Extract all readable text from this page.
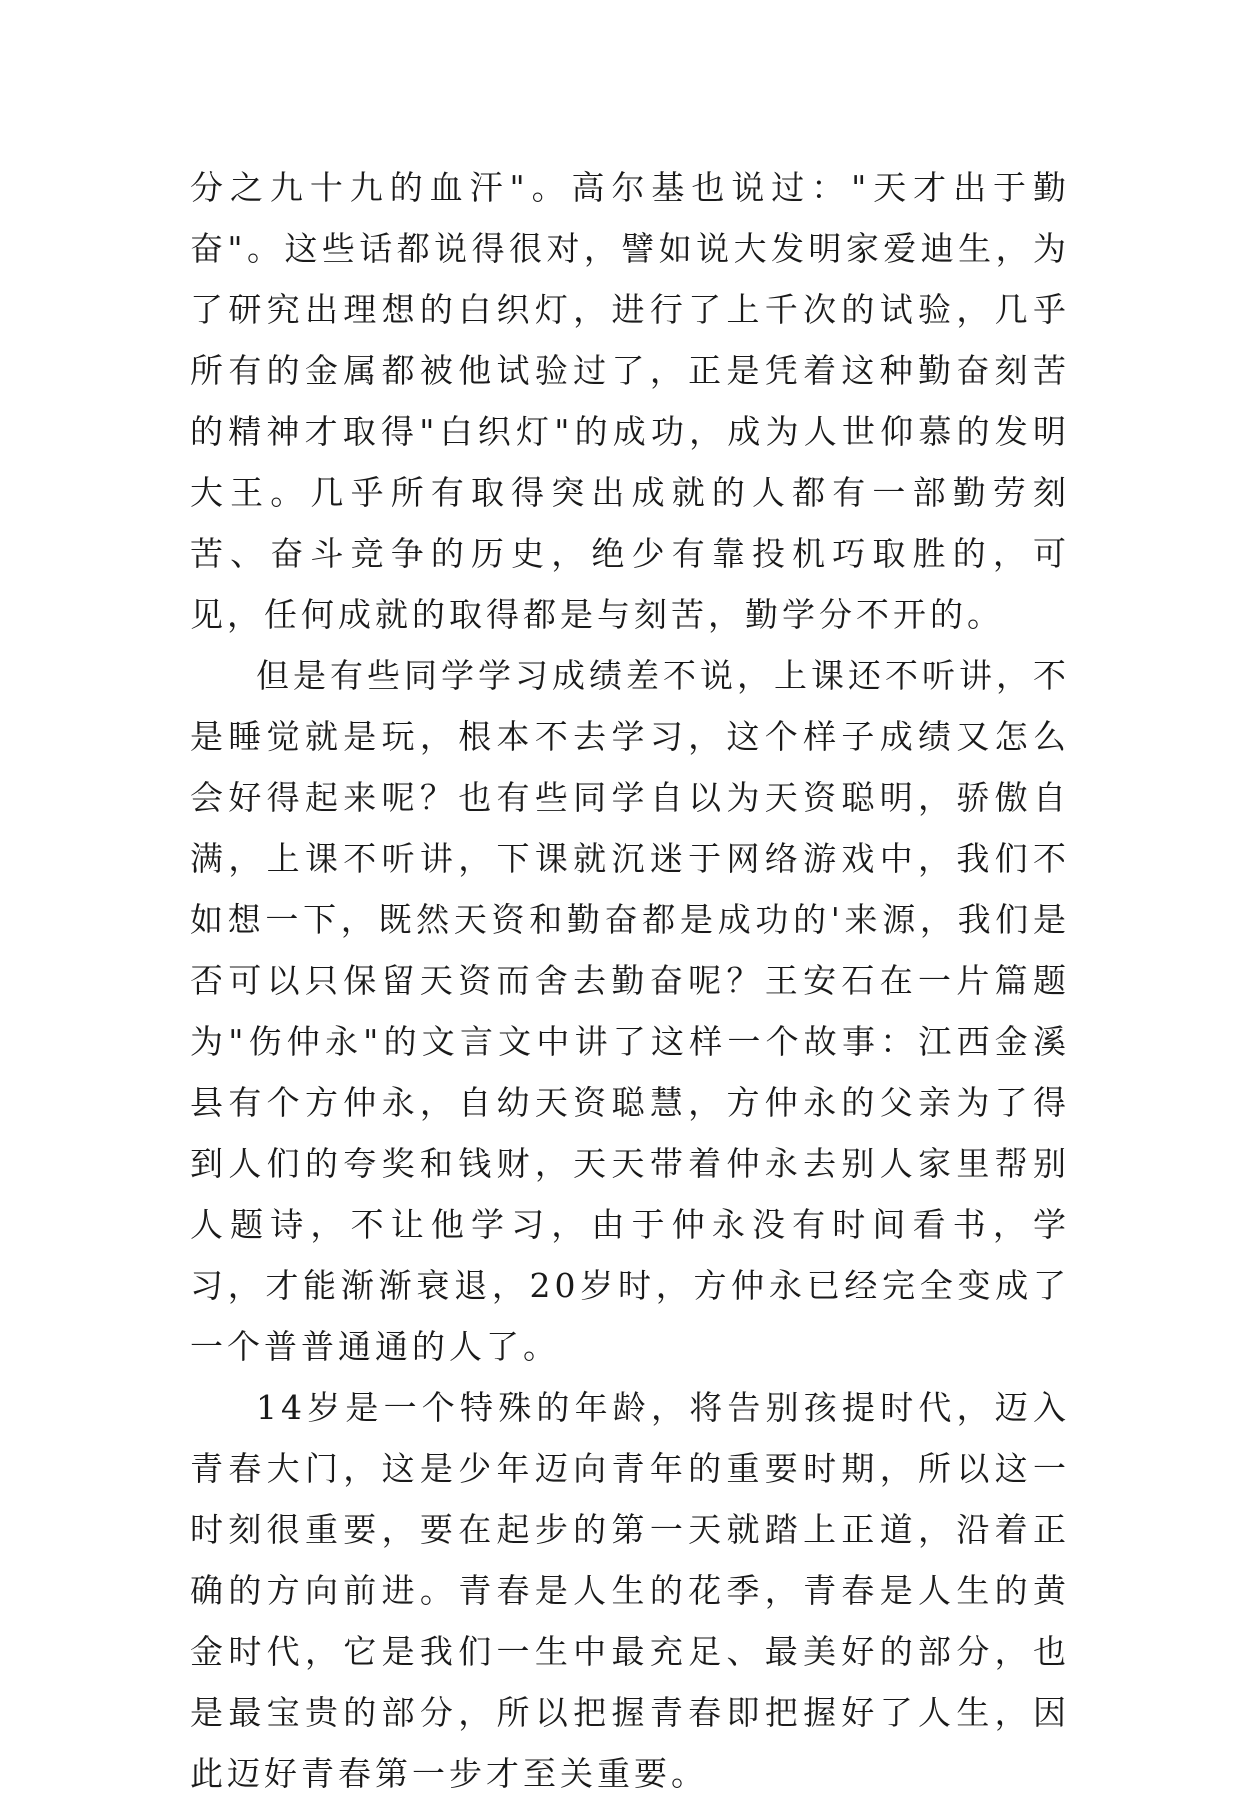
分之九十九的血汗"。高尔基也说过："天才出于勤奋"。这些话都说得很对，譬如说大发明家爱迪生，为了研究出理想的白织灯，进行了上千次的试验，几乎所有的金属都被他试验过了，正是凭着这种勤奋刻苦的精神才取得"白织灯"的成功，成为人世仰慕的发明大王。几乎所有取得突出成就的人都有一部勤劳刻苦、奋斗竞争的历史，绝少有靠投机巧取胜的，可见，任何成就的取得都是与刻苦，勤学分不开的。

但是有些同学学习成绩差不说，上课还不听讲，不是睡觉就是玩，根本不去学习，这个样子成绩又怎么会好得起来呢？也有些同学自以为天资聪明，骄傲自满，上课不听讲，下课就沉迷于网络游戏中，我们不如想一下，既然天资和勤奋都是成功的'来源，我们是否可以只保留天资而舍去勤奋呢？王安石在一片篇题为"伤仲永"的文言文中讲了这样一个故事：江西金溪县有个方仲永，自幼天资聪慧，方仲永的父亲为了得到人们的夸奖和钱财，天天带着仲永去别人家里帮别人题诗，不让他学习，由于仲永没有时间看书，学习，才能渐渐衰退，20岁时，方仲永已经完全变成了一个普普通通的人了。

14岁是一个特殊的年龄，将告别孩提时代，迈入青春大门，这是少年迈向青年的重要时期，所以这一时刻很重要，要在起步的第一天就踏上正道，沿着正确的方向前进。青春是人生的花季，青春是人生的黄金时代，它是我们一生中最充足、最美好的部分，也是最宝贵的部分，所以把握青春即把握好了人生，因此迈好青春第一步才至关重要。
